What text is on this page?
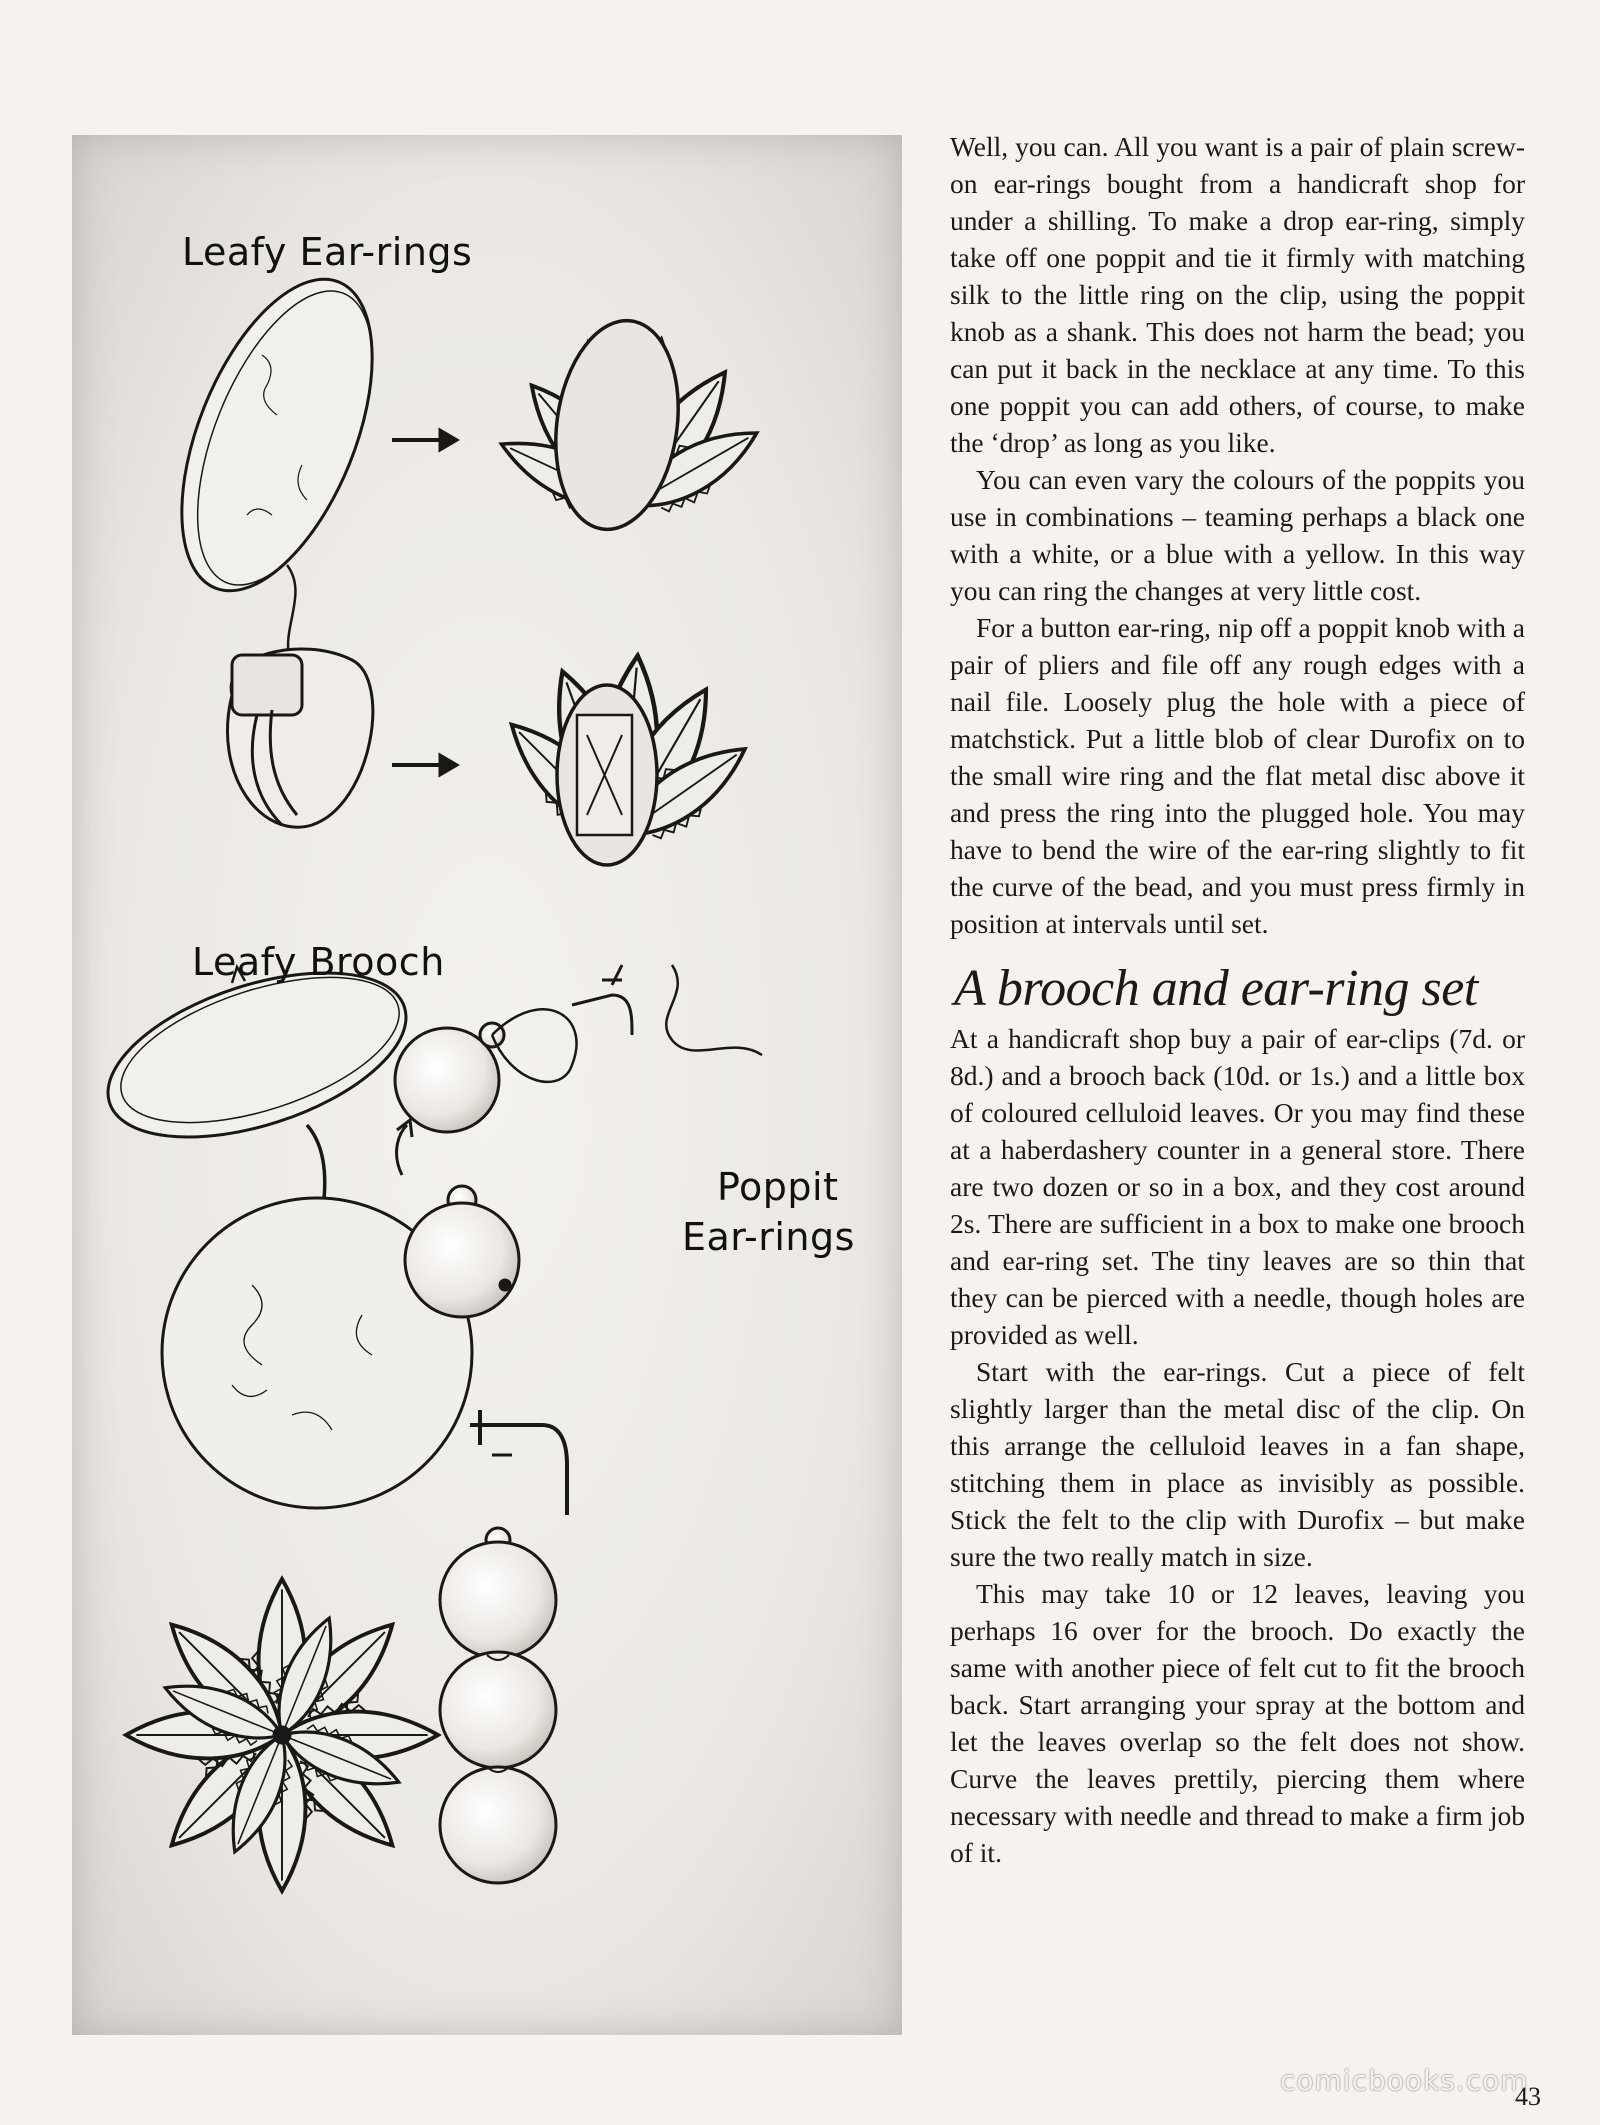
Leafy Ear-rings
Leafy Brooch
Poppit
Ear-rings

Well, you can. All you want is a pair of plain screw-on ear-rings bought from a handicraft shop for under a shilling. To make a drop ear-ring, simply take off one poppit and tie it firmly with matching silk to the little ring on the clip, using the poppit knob as a shank. This does not harm the bead; you can put it back in the necklace at any time. To this one poppit you can add others, of course, to make the ‘drop’ as long as you like.

You can even vary the colours of the poppits you use in combinations – teaming perhaps a black one with a white, or a blue with a yellow. In this way you can ring the changes at very little cost.

For a button ear-ring, nip off a poppit knob with a pair of pliers and file off any rough edges with a nail file. Loosely plug the hole with a piece of matchstick. Put a little blob of clear Durofix on to the small wire ring and the flat metal disc above it and press the ring into the plugged hole. You may have to bend the wire of the ear-ring slightly to fit the curve of the bead, and you must press firmly in position at intervals until set.

A brooch and ear-ring set

At a handicraft shop buy a pair of ear-clips (7d. or 8d.) and a brooch back (10d. or 1s.) and a little box of coloured celluloid leaves. Or you may find these at a haberdashery counter in a general store. There are two dozen or so in a box, and they cost around 2s. There are sufficient in a box to make one brooch and ear-ring set. The tiny leaves are so thin that they can be pierced with a needle, though holes are provided as well.

Start with the ear-rings. Cut a piece of felt slightly larger than the metal disc of the clip. On this arrange the celluloid leaves in a fan shape, stitching them in place as invisibly as possible. Stick the felt to the clip with Durofix – but make sure the two really match in size.

This may take 10 or 12 leaves, leaving you perhaps 16 over for the brooch. Do exactly the same with another piece of felt cut to fit the brooch back. Start arranging your spray at the bottom and let the leaves overlap so the felt does not show. Curve the leaves prettily, piercing them where necessary with needle and thread to make a firm job of it.

comicbooks.com
43
